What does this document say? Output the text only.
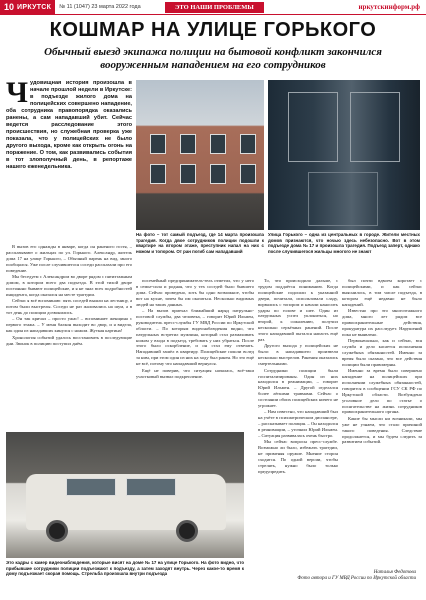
10 ИРКУТСК	№ 11 (1047) 23 марта 2022 года	ЭТО НАШИ ПРОБЛЕМЫ	иркутскинформ.рф
КОШМАР НА УЛИЦЕ ГОРЬКОГО
Обычный выезд экипажа полиции на бытовой конфликт закончился вооруженным нападением на его сотрудников
Чудовищная история произошла в начале прошлой недели в Иркутске: в подъезде жилого дома на полицейских совершено нападение, оба сотрудника правопорядка оказались ранены, а сам нападавший убит. Сейчас ведется расследование этого происшествия, но служебная проверка уже показала, что у полицейских не было другого выхода, кроме как открыть огонь на поражение. О том, как развивались события в тот злополучный день, в репортаже нашего еженедельника.
На фото – тот самый подъезд, где 14 марта произошла трагедия. Когда двое сотрудников полиции подошли к квартире на втором этаже, преступник напал на них с ножом и топором. От ран погиб сам нападавший
Улица Горького – одна из центральных в городе. Жители местных домов признаются, что ночью здесь небезопасно. Вот в этом подъезде дома № 17 и произошла трагедия. Подъезд заперт, однако после случившегося жильцы многого не знают

В вызов его однажды в январе, когда он раненого гостя, – рассказывают о жильцах по ул. Горького. Александр, житель дома 17 на улице Горького, – Обычный парень на вид, много пообщался. Уже после случившегося соседи рассказали про его поведение.

Мы беседуем с Александром во дворе рядом с пятиэтажным домом, в котором всего два подъезда. В этой тихой дворе постоянно бывают полицейские, и я не знал всех подробностей инцидента, когда оказался на месте трагедии.

Сейчас я всё вспоминаю: пять соседей вышли на лестницу, а потом были выстрелы. Соседи не раз жаловались на шум, а в тот день до полиции дозвонились.

– Он так кричал – просто ужас! – вспоминает женщина с первого этажа. – У меня балкон выходит во двор, и я видела, как один из нападавших кинулся с ножом. Жуткая картина!

Хронология событий удалось восстановить в последующие дни. Звонок в полицию поступил днём.

посемейный предприниматель-тель отметил, что у него в семье-сила и родная, что у тех соседей было бывшего дома. Сейчас проведено, хоть бы одно возможное, чтобы вот на кухне, зачем бы им оказаться. Несколько видимых людей на таких данных.

– На вызов приехал ближайший наряд патрульно-постовой службы, два человека, – говорит Юрий Ильмен, руководитель пресс-службы ГУ МВД России по Иркутской области. – По которым видеонаблюдения видно, что патрульных встретил мужчина, который стал размахивать ножом у входа в подъезд, требовать у них убраться. После этого было оскорбление, и он стал ему отвечать. Нападавший зашёл в квартиру. Полицейские пошли вслед за ним, при этом один из них на ходу был ранен. Но это ещё не всё, потому что нападавший вернулся.

Ещё не поверив, что ситуация началась, всё-таки участковый вызвал подкрепление.

То, что происходило дальше, с трудом поддаётся пониманию. Когда полицейские подошли к указанной двери, почитали, использовали сладу, ворвались с топором и начали наносить удары по голове и шее. Один из патрульных успел уклониться, но второй, к сожалению, получил несколько серьёзных ранений. После этого нападавший пытался напасть ещё раз.

Другого выхода у полицейских не было: в нападавшего произвели несколько выстрелов. Ранения оказались смертельными.

Сотрудники полиции были госпитализированы. Один из них находился в реанимации, – говорит Юрий Ильмен. – Другой отделался более лёгкими травмами. Сейчас о состоянии обоих полицейских ничего не угрожает.

– Нам известно, что нападавший был на учёте в психиатрическом диспансере, – рассказывает полиция. – Он находился в реанимации, – уточнил Юрий Ильмен. – Ситуация развивалась очень быстро.

Мы сейчас вопросы пресс-службе. Возможно ли было, избежать трагедии, не применяя оружие. Мнение сторон сходятся. По одной версии, чтобы стрелять, нужно было только предупредить.

был почти вдвоем коротает с полицейскими, и как сейчас выяснилось, в том числе подъезда, в котором ещё недавно не было нападений.

Известно про это многоэтажного дома, много лет рядом все правоохранительные действия, прокуратура их расследует. Нарушений пока не выявлено.

Первоначально, как и сейчас, вся служба и дело касается исполнения служебных обязанностей. Именно за время было сказано, что все действия полиции были правомерны.

Именно за время было совершено нападение на полицейских при исполнении служебных обязанностей, говорится в сообщении ГСУ СК РФ по Иркутской области. Возбуждено уголовное дело по статье о посягательстве на жизнь сотрудников правоохранительного органа.

Какие бы мысли ни возникали, мы уже не узнаем, что стало причиной такого поведения. Следствие продолжается, и мы будем следить за развитием событий.

Это кадры с камер видеонаблюдения, которые висят на доме № 17 на улице Горького. На фото видно, что прибывшие сотрудники полиции подъезжают к подъезду, а затем заходят внутрь. Через какое-то время к дому подъезжает скорая помощь. Стрельба произошла внутри подъезда	Наталья Федотова
Фото автора и ГУ МВД России по Иркутской области
